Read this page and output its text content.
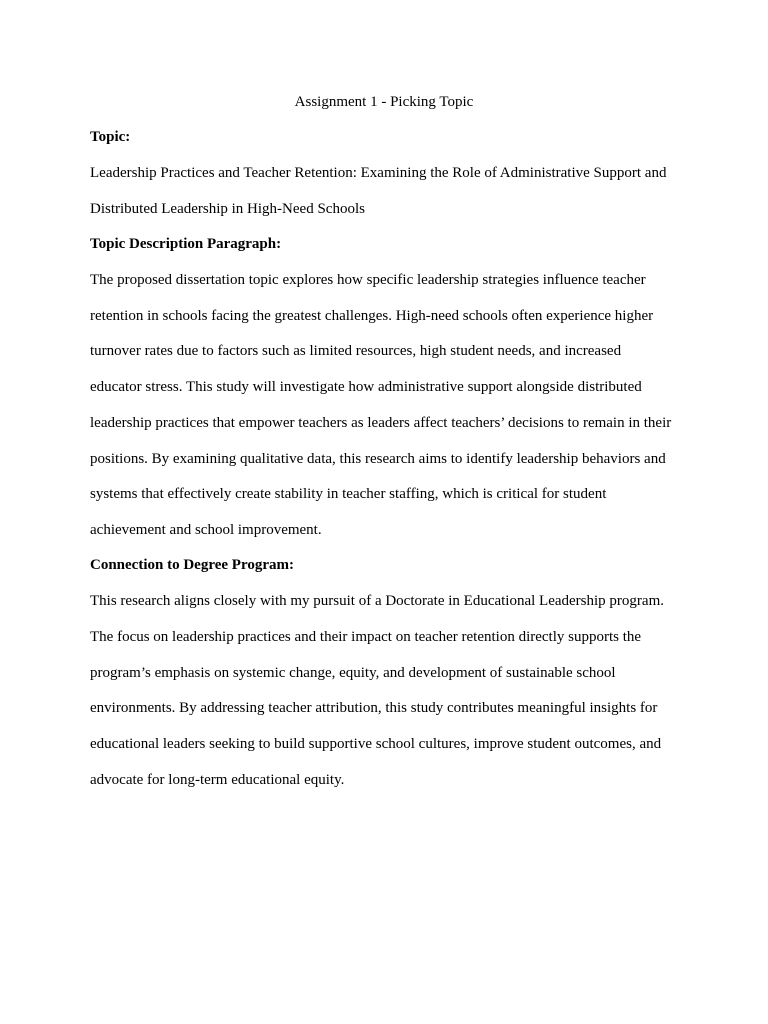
Assignment 1 - Picking Topic
Topic:
Leadership Practices and Teacher Retention: Examining the Role of Administrative Support and
Distributed Leadership in High-Need Schools
Topic Description Paragraph:
The proposed dissertation topic explores how specific leadership strategies influence teacher
retention in schools facing the greatest challenges. High-need schools often experience higher
turnover rates due to factors such as limited resources, high student needs, and increased
educator stress. This study will investigate how administrative support alongside distributed
leadership practices that empower teachers as leaders affect teachers’ decisions to remain in their
positions. By examining qualitative data, this research aims to identify leadership behaviors and
systems that effectively create stability in teacher staffing, which is critical for student
achievement and school improvement.
Connection to Degree Program:
This research aligns closely with my pursuit of a Doctorate in Educational Leadership program.
The focus on leadership practices and their impact on teacher retention directly supports the
program’s emphasis on systemic change, equity, and development of sustainable school
environments. By addressing teacher attribution, this study contributes meaningful insights for
educational leaders seeking to build supportive school cultures, improve student outcomes, and
advocate for long-term educational equity.
